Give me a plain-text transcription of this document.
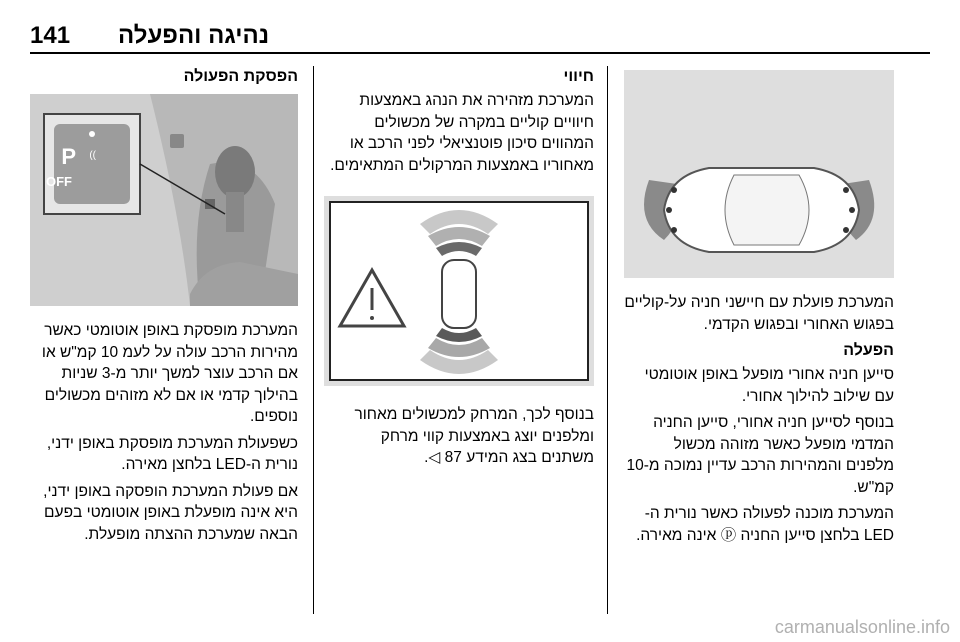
141 נהיגה והפעלה

המערכת פועלת עם חיישני חניה על-קוליים בפגוש האחורי ובפגוש הקדמי.

הפעלה

סייען חניה אחורי מופעל באופן אוטומטי עם שילוב להילוך אחורי.

בנוסף לסייען חניה אחורי, סייען החניה המדמי מופעל כאשר מזוהה מכשול מלפנים והמהירות הרכב עדיין נמוכה מ-10 קמ"ש.

המערכת מוכנה לפעולה כאשר נורית ה-LED בלחצן סייען החניה ⓟ אינה מאירה.

חיווי

המערכת מזהירה את הנהג באמצעות חיוויים קוליים במקרה של מכשולים המהווים סיכון פוטנציאלי לפני הרכב או מאחוריו באמצעות המרקולים המתאימים.

בנוסף לכך, המרחק למכשולים מאחור ומלפנים יוצג באמצעות קווי מרחק משתנים בצג המידע 87 ◁.

הפסקת הפעולה
P ))
OFF

המערכת מופסקת באופן אוטומטי כאשר מהירות הרכב עולה על לעמ 10 קמ"ש או אם הרכב עוצר למשך יותר מ-3 שניות בהילוך קדמי או אם לא מזוהים מכשולים נוספים.

כשפעולת המערכת מופסקת באופן ידני, נורית ה-LED בלחצן מאירה.

אם פעולת המערכת הופסקה באופן ידני, היא אינה מופעלת באופן אוטומטי בפעם הבאה שמערכת ההצתה מופעלת.

carmanualsonline.info
